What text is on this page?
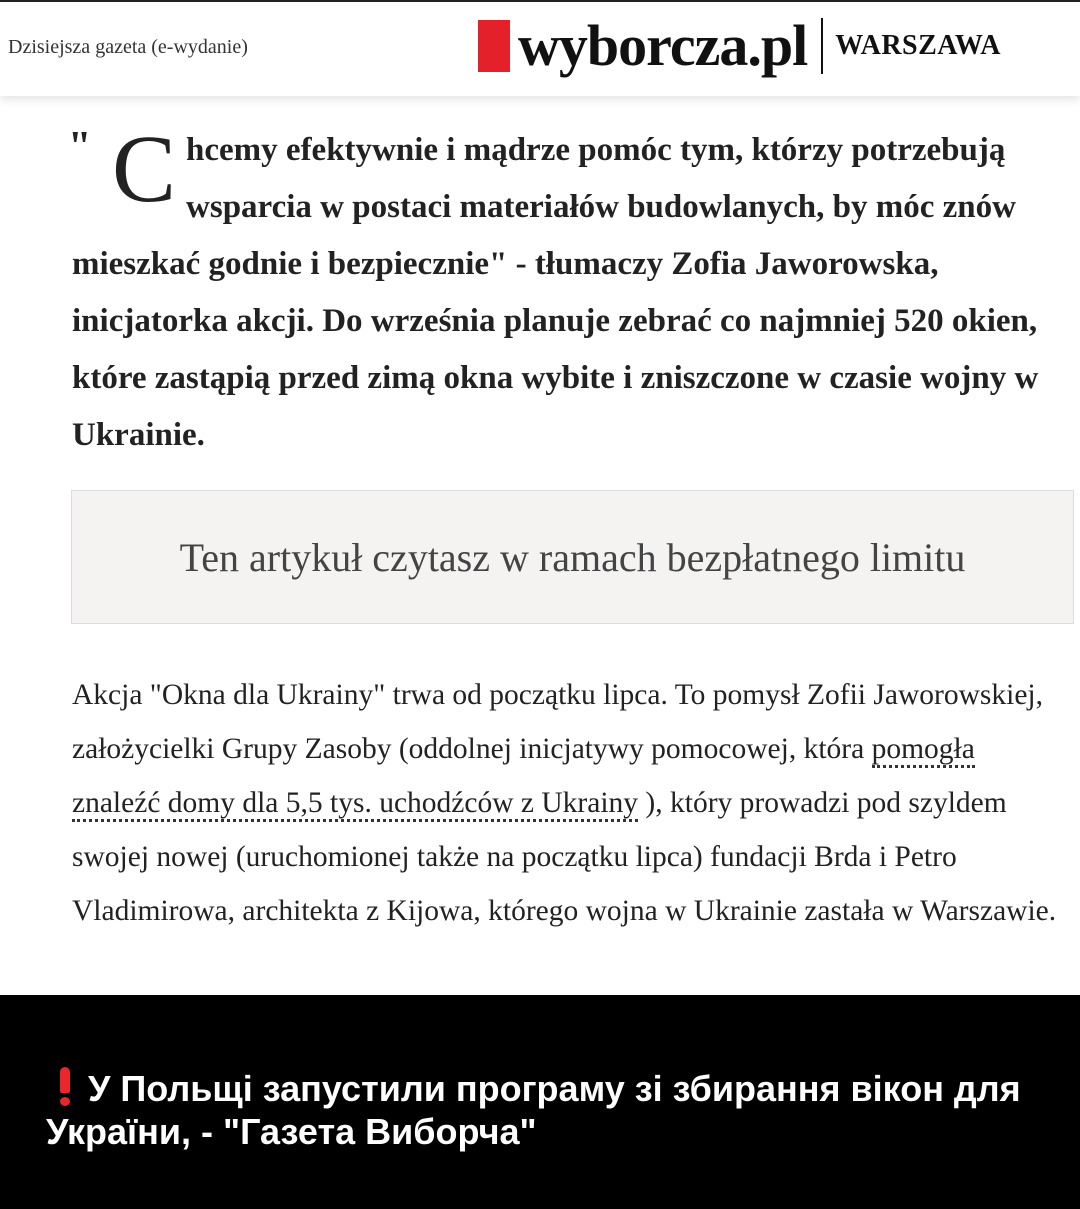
Dzisiejsza gazeta (e-wydanie)	wyborcza.pl WARSZAWA
" C hcemy efektywnie i mądrze pomóc tym, którzy potrzebują wsparcia w postaci materiałów budowlanych, by móc znów mieszkać godnie i bezpiecznie" - tłumaczy Zofia Jaworowska, inicjatorka akcji. Do września planuje zebrać co najmniej 520 okien, które zastąpią przed zimą okna wybite i zniszczone w czasie wojny w Ukrainie.
Ten artykuł czytasz w ramach bezpłatnego limitu
Akcja "Okna dla Ukrainy" trwa od początku lipca. To pomysł Zofii Jaworowskiej, założycielki Grupy Zasoby (oddolnej inicjatywy pomocowej, która pomogła znaleźć domy dla 5,5 tys. uchodźców z Ukrainy ), który prowadzi pod szyldem swojej nowej (uruchomionej także na początku lipca) fundacji Brda i Petro Vladimirowa, architekta z Kijowa, którego wojna w Ukrainie zastała w Warszawie.
У Польщі запустили програму зі збирання вікон для України, - "Газета Виборча"
